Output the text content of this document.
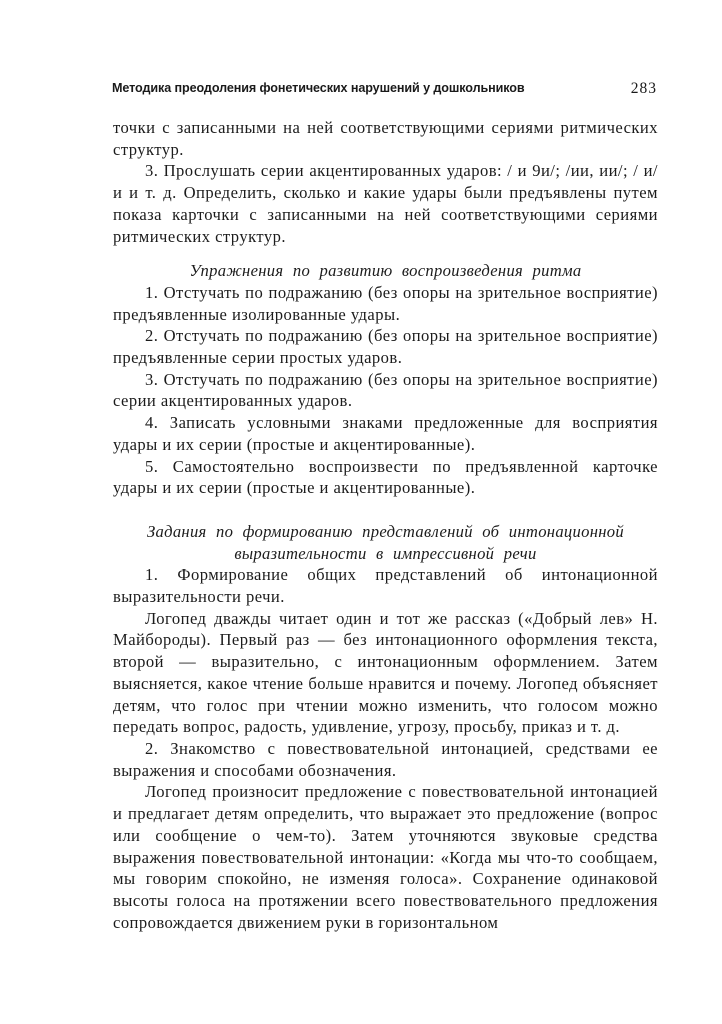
Методика преодоления фонетических нарушений у дошкольников	283

точки с записанными на ней соответствующими сериями ритмических структур.

3. Прослушать серии акцентированных ударов: / и 9и/; /ии, ии/; / и/и и т. д. Определить, сколько и какие удары были предъявлены путем показа карточки с записанными на ней соответствующими сериями ритмических структур.

Упражнения по развитию воспроизведения ритма

1. Отстучать по подражанию (без опоры на зрительное восприятие) предъявленные изолированные удары.

2. Отстучать по подражанию (без опоры на зрительное восприятие) предъявленные серии простых ударов.

3. Отстучать по подражанию (без опоры на зрительное восприятие) серии акцентированных ударов.

4. Записать условными знаками предложенные для восприятия удары и их серии (простые и акцентированные).

5. Самостоятельно воспроизвести по предъявленной карточке удары и их серии (простые и акцентированные).

Задания по формированию представлений об интонационной выразительности в импрессивной речи

1. Формирование общих представлений об интонационной выразительности речи.

Логопед дважды читает один и тот же рассказ («Добрый лев» Н. Майбороды). Первый раз — без интонационного оформления текста, второй — выразительно, с интонационным оформлением. Затем выясняется, какое чтение больше нравится и почему. Логопед объясняет детям, что голос при чтении можно изменить, что голосом можно передать вопрос, радость, удивление, угрозу, просьбу, приказ и т. д.

2. Знакомство с повествовательной интонацией, средствами ее выражения и способами обозначения.

Логопед произносит предложение с повествовательной интонацией и предлагает детям определить, что выражает это предложение (вопрос или сообщение о чем-то). Затем уточняются звуковые средства выражения повествовательной интонации: «Когда мы что-то сообщаем, мы говорим спокойно, не изменяя голоса». Сохранение одинаковой высоты голоса на протяжении всего повествовательного предложения сопровождается движением руки в горизонтальном
